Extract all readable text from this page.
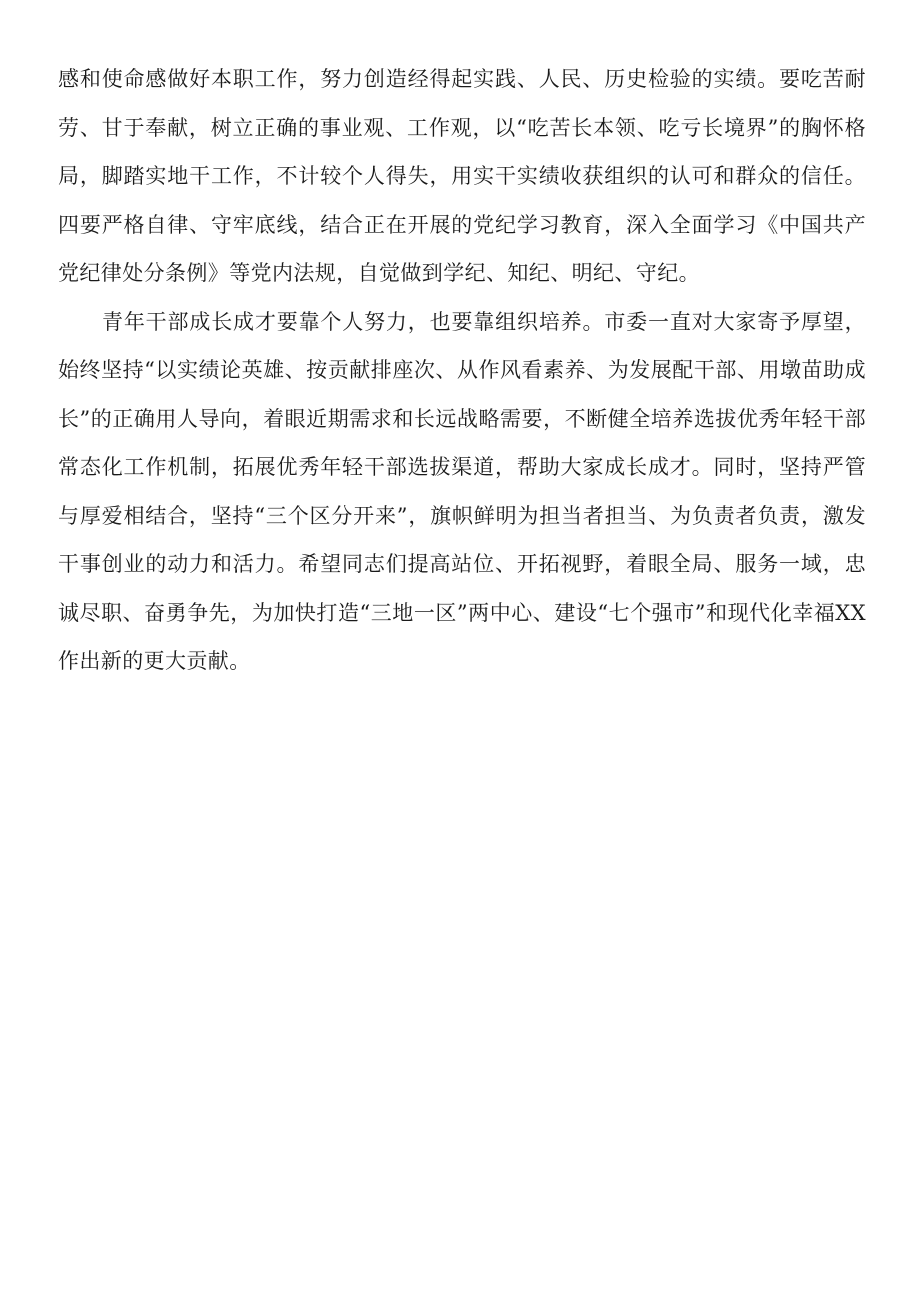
感和使命感做好本职工作，努力创造经得起实践、人民、历史检验的实绩。要吃苦耐劳、甘于奉献，树立正确的事业观、工作观，以“吃苦长本领、吃亏长境界”的胸怀格局，脚踏实地干工作，不计较个人得失，用实干实绩收获组织的认可和群众的信任。四要严格自律、守牢底线，结合正在开展的党纪学习教育，深入全面学习《中国共产党纪律处分条例》等党内法规，自觉做到学纪、知纪、明纪、守纪。

青年干部成长成才要靠个人努力，也要靠组织培养。市委一直对大家寄予厚望，始终坚持“以实绩论英雄、按贡献排座次、从作风看素养、为发展配干部、用墩苗助成长”的正确用人导向，着眼近期需求和长远战略需要，不断健全培养选拔优秀年轻干部常态化工作机制，拓展优秀年轻干部选拔渠道，帮助大家成长成才。同时，坚持严管与厚爱相结合，坚持“三个区分开来”，旗帜鲜明为担当者担当、为负责者负责，激发干事创业的动力和活力。希望同志们提高站位、开拓视野，着眼全局、服务一域，忠诚尽职、奋勇争先，为加快打造“三地一区”两中心、建设“七个强市”和现代化幸福XX作出新的更大贡献。
